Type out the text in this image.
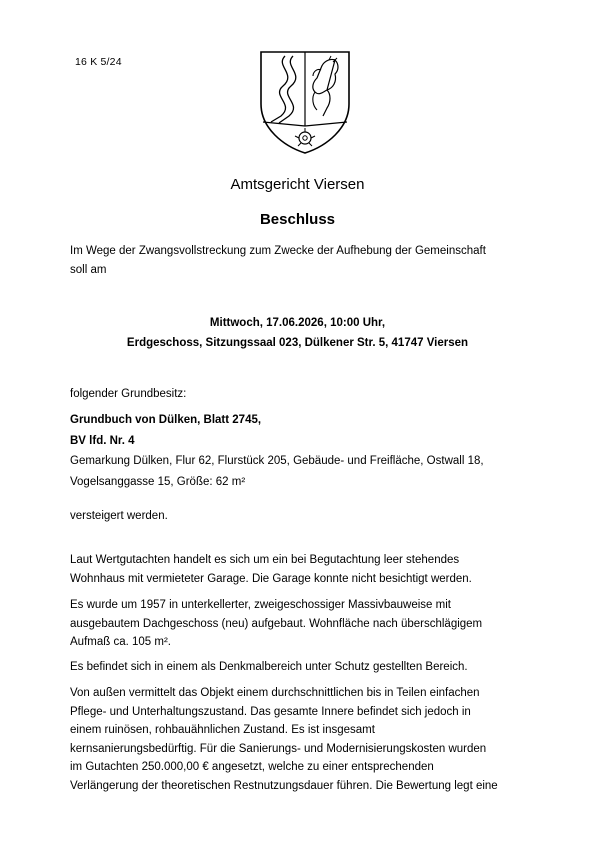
16 K 5/24
Amtsgericht Viersen
Beschluss
Im Wege der Zwangsvollstreckung zum Zwecke der Aufhebung der Gemeinschaft
soll am
Mittwoch, 17.06.2026, 10:00 Uhr,
Erdgeschoss, Sitzungssaal 023, Dülkener Str. 5, 41747 Viersen
folgender Grundbesitz:
Grundbuch von Dülken, Blatt 2745,
BV lfd. Nr. 4
Gemarkung Dülken, Flur 62, Flurstück 205, Gebäude- und Freifläche, Ostwall 18,
Vogelsanggasse 15, Größe: 62 m²
versteigert werden.
Laut Wertgutachten handelt es sich um ein bei Begutachtung leer stehendes
Wohnhaus mit vermieteter Garage. Die Garage konnte nicht besichtigt werden.
Es wurde um 1957 in unterkellerter, zweigeschossiger Massivbauweise mit
ausgebautem Dachgeschoss (neu) aufgebaut. Wohnfläche nach überschlägigem
Aufmaß ca. 105 m².
Es befindet sich in einem als Denkmalbereich unter Schutz gestellten Bereich.
Von außen vermittelt das Objekt einem durchschnittlichen bis in Teilen einfachen
Pflege- und Unterhaltungszustand. Das gesamte Innere befindet sich jedoch in
einem ruinösen, rohbauähnlichen Zustand. Es ist insgesamt
kernsanierungsbedürftig. Für die Sanierungs- und Modernisierungskosten wurden
im Gutachten 250.000,00 € angesetzt, welche zu einer entsprechenden
Verlängerung der theoretischen Restnutzungsdauer führen. Die Bewertung legt eine
